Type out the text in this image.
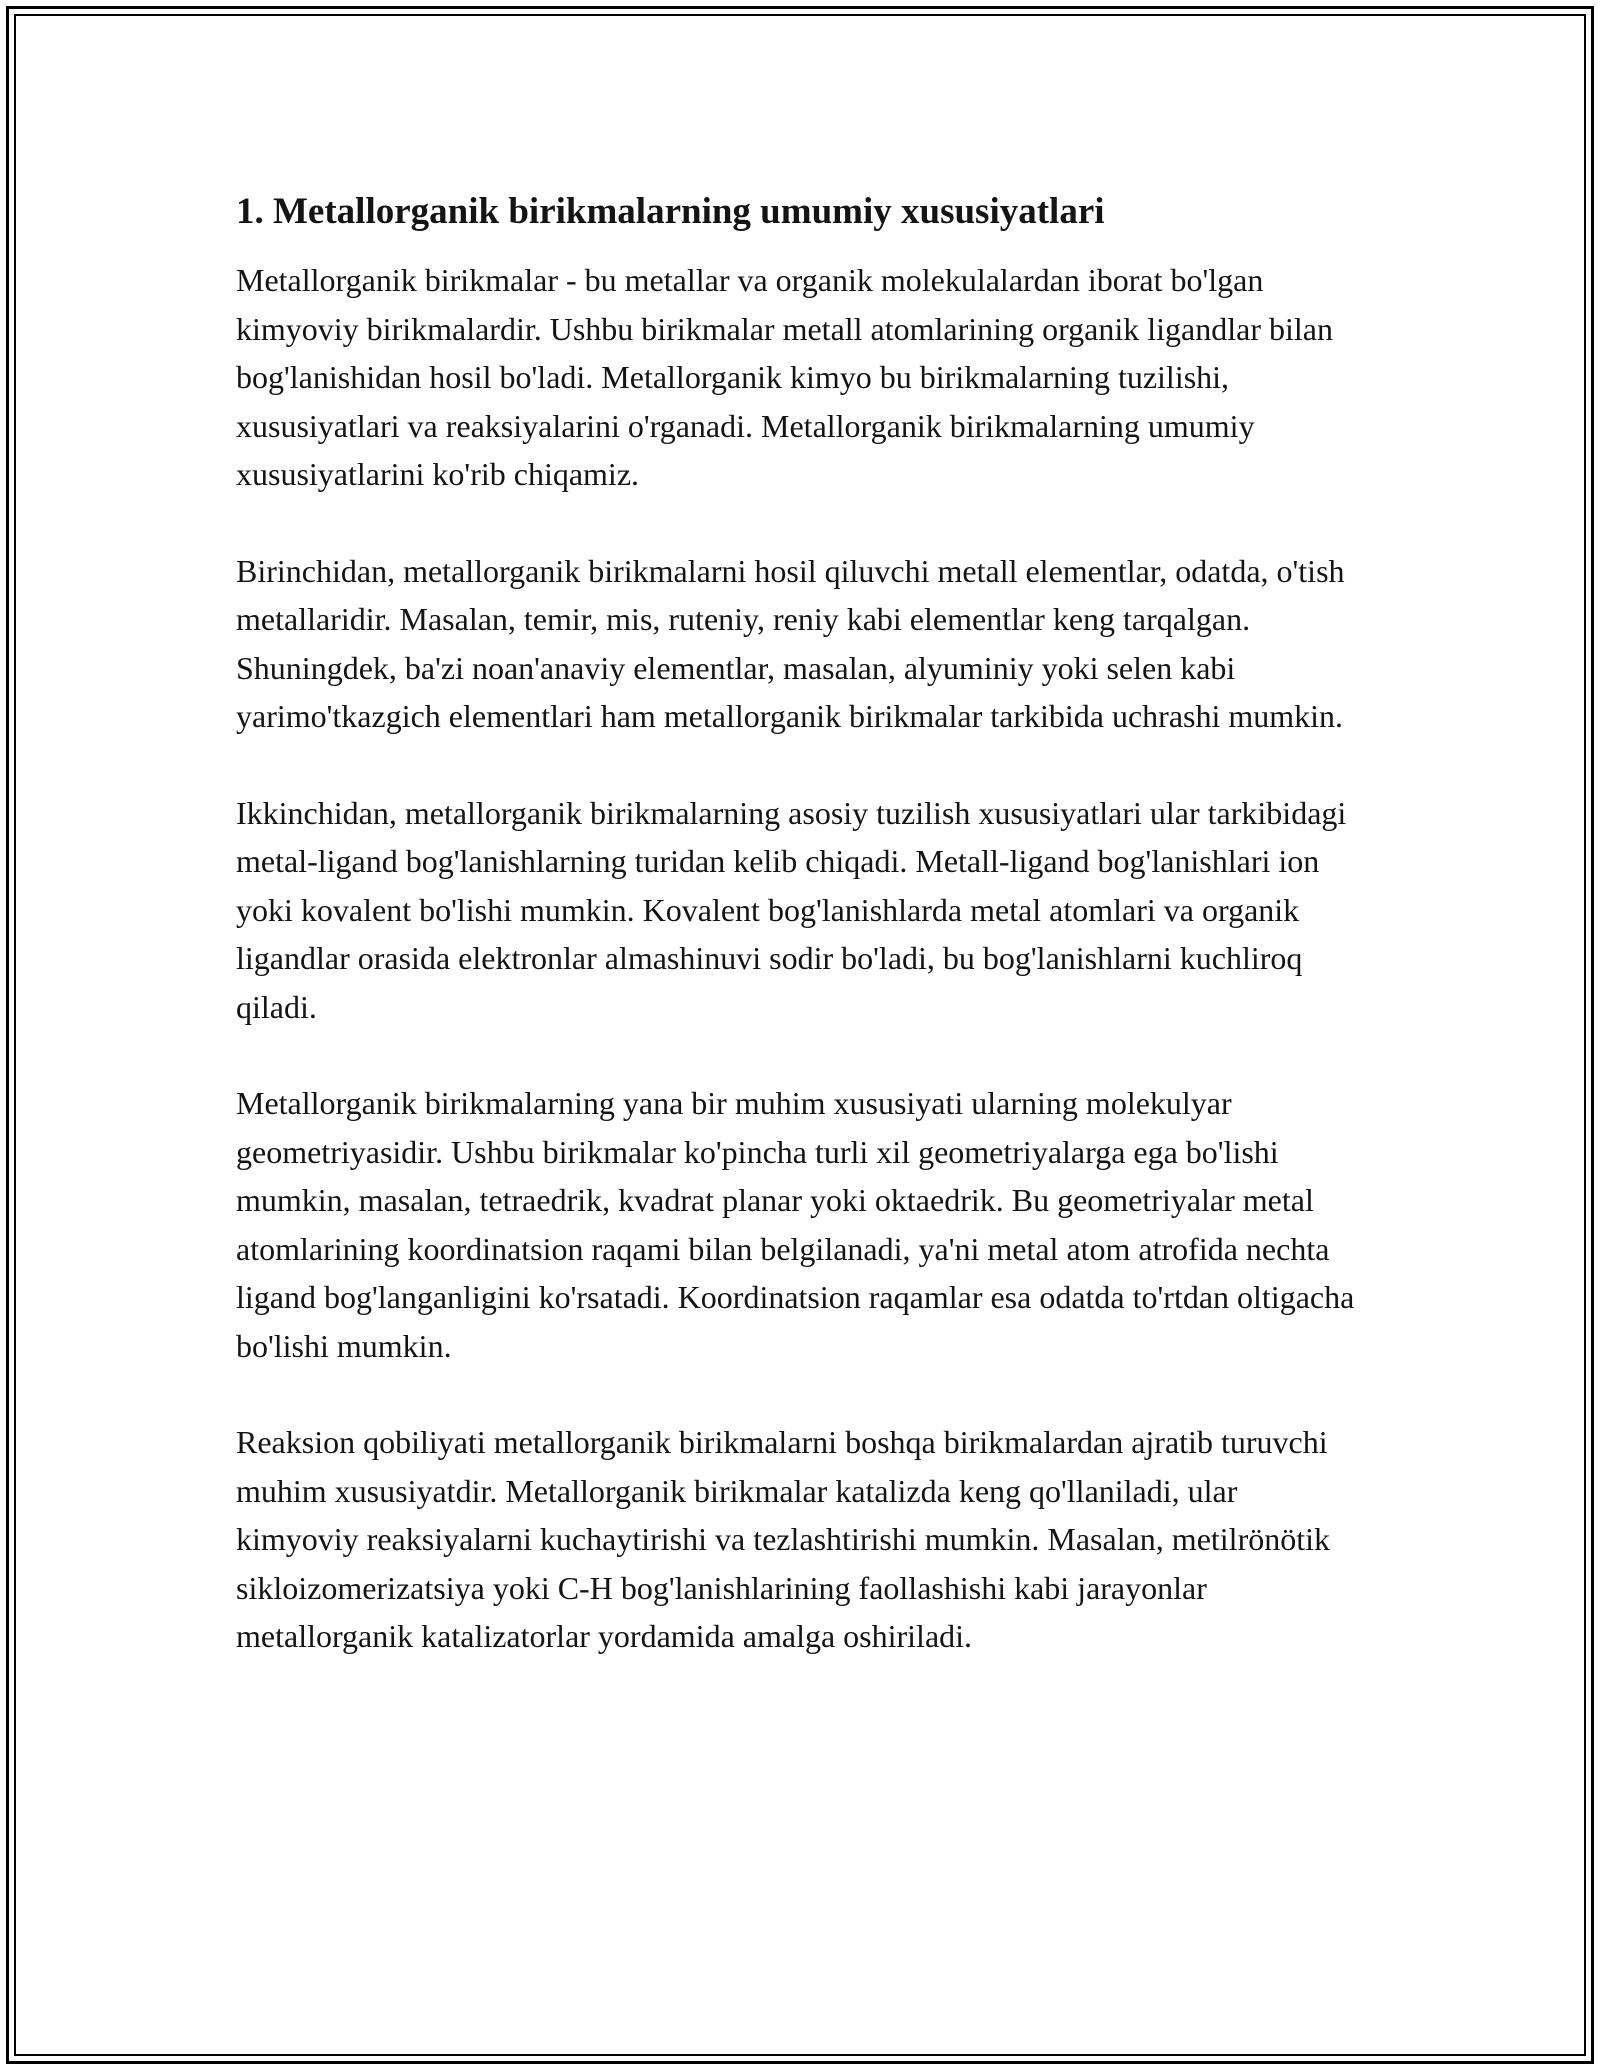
1. Metallorganik birikmalarning umumiy xususiyatlari

Metallorganik birikmalar - bu metallar va organik molekulalardan iborat bo'lgan kimyoviy birikmalardir. Ushbu birikmalar metall atomlarining organik ligandlar bilan bog'lanishidan hosil bo'ladi. Metallorganik kimyo bu birikmalarning tuzilishi, xususiyatlari va reaksiyalarini o'rganadi. Metallorganik birikmalarning umumiy xususiyatlarini ko'rib chiqamiz.

Birinchidan, metallorganik birikmalarni hosil qiluvchi metall elementlar, odatda, o'tish metallaridir. Masalan, temir, mis, ruteniy, reniy kabi elementlar keng tarqalgan. Shuningdek, ba'zi noan'anaviy elementlar, masalan, alyuminiy yoki selen kabi yarimo'tkazgich elementlari ham metallorganik birikmalar tarkibida uchrashi mumkin.

Ikkinchidan, metallorganik birikmalarning asosiy tuzilish xususiyatlari ular tarkibidagi metal-ligand bog'lanishlarning turidan kelib chiqadi. Metall-ligand bog'lanishlari ion yoki kovalent bo'lishi mumkin. Kovalent bog'lanishlarda metal atomlari va organik ligandlar orasida elektronlar almashinuvi sodir bo'ladi, bu bog'lanishlarni kuchliroq qiladi.

Metallorganik birikmalarning yana bir muhim xususiyati ularning molekulyar geometriyasidir. Ushbu birikmalar ko'pincha turli xil geometriyalarga ega bo'lishi mumkin, masalan, tetraedrik, kvadrat planar yoki oktaedrik. Bu geometriyalar metal atomlarining koordinatsion raqami bilan belgilanadi, ya'ni metal atom atrofida nechta ligand bog'langanligini ko'rsatadi. Koordinatsion raqamlar esa odatda to'rtdan oltigacha bo'lishi mumkin.

Reaksion qobiliyati metallorganik birikmalarni boshqa birikmalardan ajratib turuvchi muhim xususiyatdir. Metallorganik birikmalar katalizda keng qo'llaniladi, ular kimyoviy reaksiyalarni kuchaytirishi va tezlashtirishi mumkin. Masalan, metilrönötik sikloizomerizatsiya yoki C-H bog'lanishlarining faollashishi kabi jarayonlar metallorganik katalizatorlar yordamida amalga oshiriladi.
